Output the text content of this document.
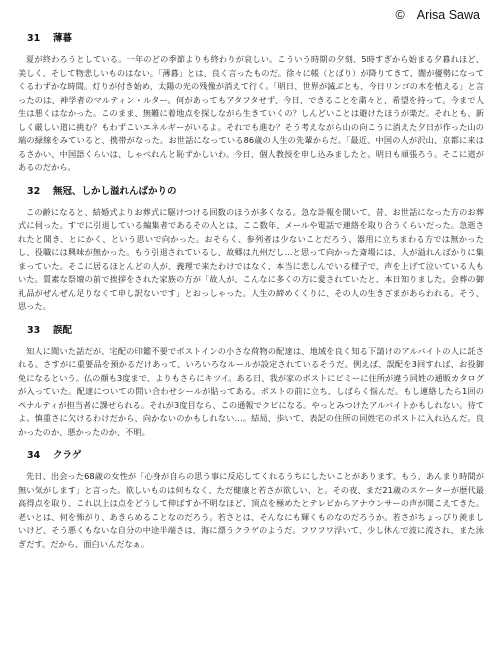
© Arisa Sawa
31 薄暮

夏が終わろうとしている。一年のどの季節よりも終わりが哀しい。こういう時期の夕刻、5時すぎから始まる夕暮れほど、美しく、そして物悲しいものはない。「薄暮」とは、良く言ったものだ。徐々に帳（とばり）が降りてきて、闇が優勢になってくるわずかな時間。灯りが付き始め、太陽の光の残像が消えて行く。「明日、世界が滅ぶとも、今日リンゴの木を植える」と言ったのは、神学者のマルティン・ルター。何があってもアタフタせず、今日、できることを粛々と、希望を持って。今まで人生は悪くはなかった。このまま、無難に着地点を探しながら生きていくの？しんどいことは避けたほうが楽だ。それとも、新しく厳しい道に挑む？もわずこいエネルギーがいるよ。それでも進む？そう考えながら山の向こうに消えた夕日が作った山の端の緑線をみていると、携帯がなった。お世話になっている86歳の人生の先輩からだ。「最近、中国の人が沢山、京都に来はるさかい、中国語くらいは、しゃべれんと恥ずかしいわ。今日、個人教授を申し込みましたと。明日も頑張ろう。そこに道があるのだから。

32 無冠、しかし溢れんばかりの

この齢になると、結婚式よりお葬式に駆けつける回数のほうが多くなる。急な訃報を聞いて、昔、お世話になった方のお葬式に伺った。すでに引退している編集者であるその人とは、ここ数年、メールや電話で連絡を取り合うくらいだった。急逝されたと聞き、とにかく、という思いで向かった。おそらく、参列者は少ないことだろう、器用に立ちまわる方では無かったし、役職には興味が無かった。もう引退されているし、故郷は九州だし…と思って向かった斎場には、人が溢れんばかりに集まっていた。そこに居るほとんどの人が、義理で来たわけではなく、本当に悲しんでいる様子で、声を上げて泣いている人もいた。質素な祭壇の前で挨拶をされた家族の方が「故人が、こんなに多くの方に愛されていたと、本日知りました。会葬の御礼品がぜんぜん足りなくて申し訳ないです」とおっしゃった。人生の締めくくりに、その人の生きざまがあらわれる。そう、思った。

33 誤配

知人に聞いた話だが、宅配の印鑑不要でポストインの小さな荷物の配達は、地域を良く知る下請けのアルバイトの人に託される。さすがに重要品を預かるだけあって、いろいろなルールが設定されているそうだ。例えば、誤配を3回すれば、お役御免になるという。仏の顔も3度まで、よりもさらにキツイ。ある日、我が家のポストにビミーに住所が違う同姓の通販カタログが入っていた。配達についての問い合わせシールが貼ってある。ポストの前に立ち、しばらく悩んだ。もし連絡したら1回のペナルティが担当者に課せられる。それが3度目なら、この通報でクビになる。やっとみつけたアルバイトかもしれない。待てよ。慎重さに欠けるわけだから、向かないのかもしれない…。結局、歩いて、表記の住所の同姓宅のポストに入れ込んだ。良かったのか、悪かったのか、不明。

34 クラゲ

先日、出会った68歳の女性が「心身が自らの思う事に反応してくれるうちにしたいことがあります。もう、あんまり時間が無い気がします」と言った。欲しいものは何もなく、ただ健康と若さが欲しい、と。その夜、まだ21歳のスケーターが歴代最高得点を取り、これ以上は点をどうして伸ばすか不明なほど、頂点を極めたとテレビからアナウンサーの声が聞こえてきた。老いとは、何を怖がり、あきらめることなのだろう。若さとは、そんなにも輝くものなのだろうか。若さがちょっぴり羨ましいけど、そう悪くもないな自分の中途半端さは、海に漂うクラゲのようだ。フワフワ浮いて、少し休んで波に流され、また泳ぎだす。だから、面白いんだなぁ。
